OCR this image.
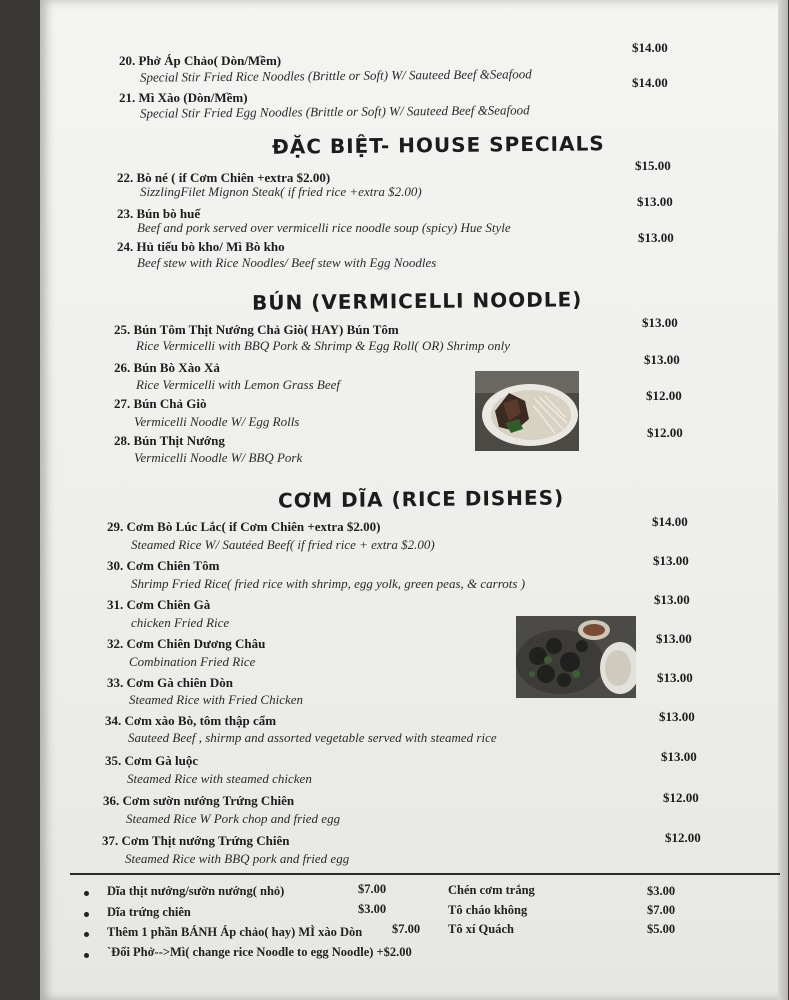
20. Phở Áp Chảo( Dòn/Mềm)
Special Stir Fried Rice Noodles (Brittle or Soft) W/ Sauteed Beef &Seafood
$14.00
21. Mì Xào (Dòn/Mềm)
Special Stir Fried Egg Noodles (Brittle or Soft) W/ Sauteed Beef &Seafood
$14.00
ĐẶC BIỆT- HOUSE SPECIALS
22. Bò né ( if Cơm Chiên +extra $2.00)
SizzlingFilet Mignon Steak( if fried rice +extra $2.00)
$15.00
23. Bún bò huế
Beef and pork served over vermicelli rice noodle soup (spicy) Hue Style
$13.00
24. Hủ tiếu bò kho/ Mì Bò kho
Beef stew with Rice Noodles/ Beef stew with Egg Noodles
$13.00
BÚN (VERMICELLI NOODLE)
25. Bún Tôm Thịt Nướng Chả Giò( HAY) Bún Tôm
Rice Vermicelli with BBQ Pork & Shrimp & Egg Roll( OR) Shrimp only
$13.00
26. Bún Bò Xào Xả
Rice Vermicelli with Lemon Grass Beef
$13.00
27. Bún Chả Giò
Vermicelli Noodle W/ Egg Rolls
$12.00
28. Bún Thịt Nướng
Vermicelli Noodle W/ BBQ Pork
$12.00
CƠM DĨA (RICE DISHES)
29. Cơm Bò Lúc Lắc( if Cơm Chiên +extra $2.00)
Steamed Rice W/ Sautéed Beef( if fried rice + extra $2.00)
$14.00
30. Cơm Chiên Tôm
Shrimp Fried Rice( fried rice with shrimp, egg yolk, green peas, & carrots )
$13.00
31. Cơm Chiên Gà
chicken Fried Rice
$13.00
32. Cơm Chiên Dương Châu
Combination Fried Rice
$13.00
33. Cơm Gà chiên Dòn
Steamed Rice with Fried Chicken
$13.00
34. Cơm xào Bò, tôm thập cẩm
Sauteed Beef , shirmp and assorted vegetable served with steamed rice
$13.00
35. Cơm Gà luộc
Steamed Rice with steamed chicken
$13.00
36. Cơm sườn nướng Trứng Chiên
Steamed Rice W Pork chop and fried egg
$12.00
37. Cơm Thịt nướng Trứng Chiên
Steamed Rice with BBQ pork and fried egg
$12.00
Dĩa thịt nướng/sườn nướng( nhỏ)	$7.00
Dĩa trứng chiên	$3.00
Thêm 1 phần BÁNH Áp chảo( hay) MÌ xào Dòn $7.00
`Đổi Phở-->Mì( change rice Noodle to egg Noodle) +$2.00
Chén cơm trắng	$3.00
Tô cháo không	$7.00
Tô xí Quách	$5.00
